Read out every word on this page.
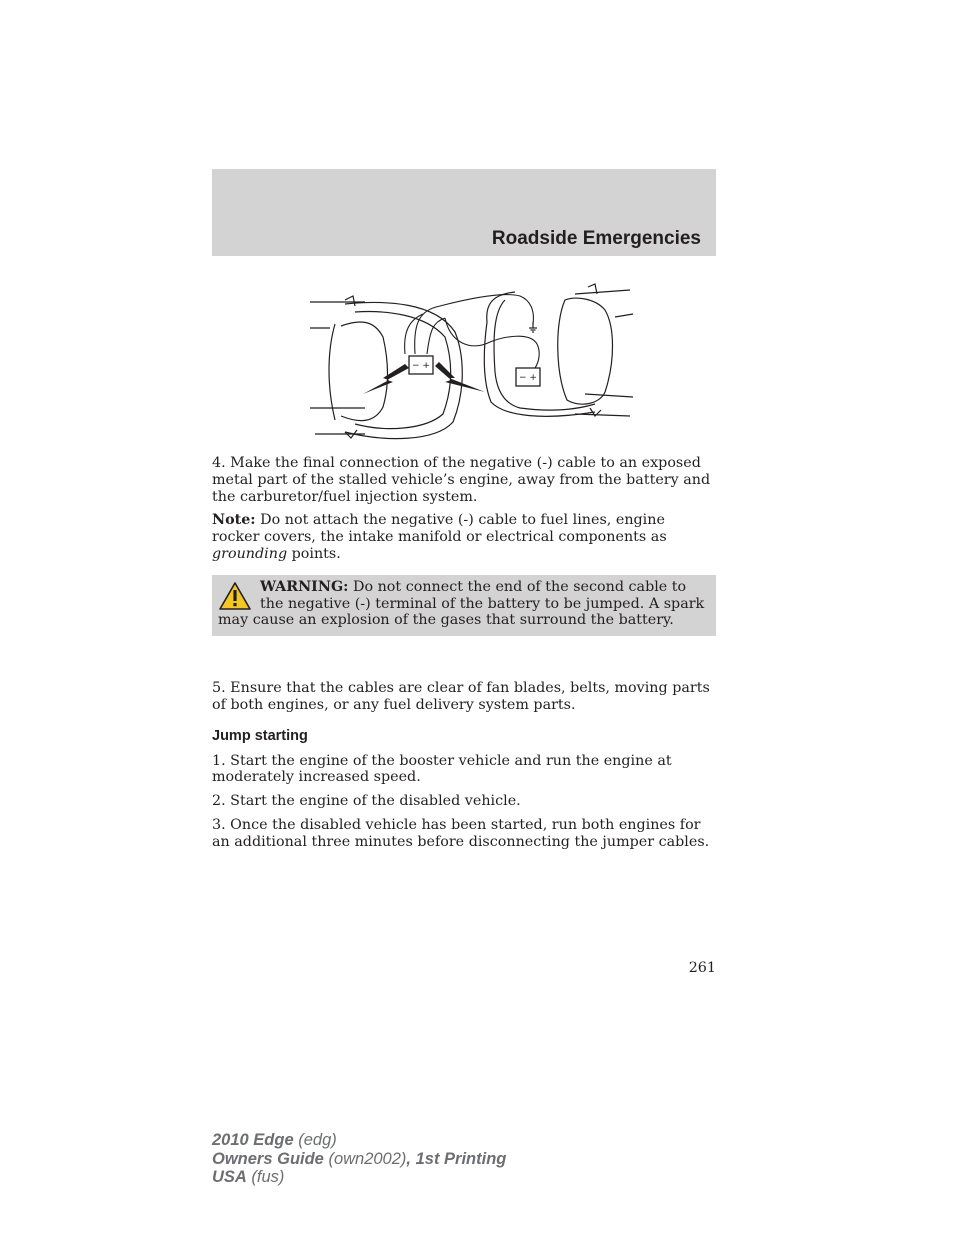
Roadside Emergencies
− +
− +

4. Make the final connection of the negative (-) cable to an exposed metal part of the stalled vehicle’s engine, away from the battery and the carburetor/fuel injection system.

Note: Do not attach the negative (-) cable to fuel lines, engine rocker covers, the intake manifold or electrical components as grounding points.

WARNING: Do not connect the end of the second cable to the negative (-) terminal of the battery to be jumped. A spark may cause an explosion of the gases that surround the battery.

5. Ensure that the cables are clear of fan blades, belts, moving parts of both engines, or any fuel delivery system parts.

Jump starting

1. Start the engine of the booster vehicle and run the engine at moderately increased speed.

2. Start the engine of the disabled vehicle.

3. Once the disabled vehicle has been started, run both engines for an additional three minutes before disconnecting the jumper cables.

261
2010 Edge (edg)
Owners Guide (own2002), 1st Printing
USA (fus)
